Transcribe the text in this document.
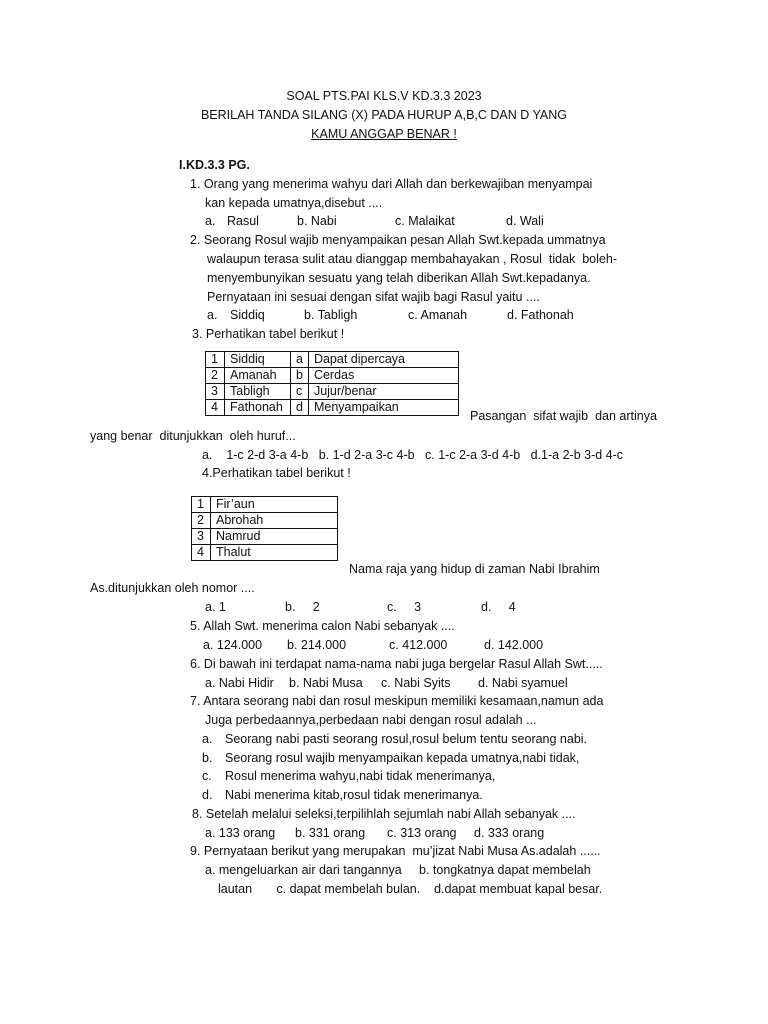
SOAL PTS.PAI KLS.V KD.3.3 2023
BERILAH TANDA SILANG (X) PADA HURUP A,B,C DAN D YANG
KAMU ANGGAP BENAR !
I.KD.3.3 PG.
1. Orang yang menerima wahyu dari Allah dan berkewajiban menyampai
kan kepada umatnya,disebut ....
a. Rasul	b. Nabi	c. Malaikat	d. Wali
2. Seorang Rosul wajib menyampaikan pesan Allah Swt.kepada ummatnya
walaupun terasa sulit atau dianggap membahayakan , Rosul  tidak  boleh-
menyembunyikan sesuatu yang telah diberikan Allah Swt.kepadanya.
Pernyataan ini sesuai dengan sifat wajib bagi Rasul yaitu ....
a. Siddiq	b. Tabligh	c. Amanah	d. Fathonah
3. Perhatikan tabel berikut !
1	Siddiq	a	Dapat dipercaya
2	Amanah	b	Cerdas
3	Tabligh	c	Jujur/benar
4	Fathonah	d	Menyampaikan
Pasangan  sifat wajib  dan artinya
yang benar  ditunjukkan  oleh huruf...
a.    1-c 2-d 3-a 4-b   b. 1-d 2-a 3-c 4-b   c. 1-c 2-a 3-d 4-b   d.1-a 2-b 3-d 4-c
4.Perhatikan tabel berikut !
1	Fir’aun
2	Abrohah
3	Namrud
4	Thalut
Nama raja yang hidup di zaman Nabi Ibrahim
As.ditunjukkan oleh nomor ....
a. 1	b.     2	c.     3	d.     4
5. Allah Swt. menerima calon Nabi sebanyak ....
a. 124.000 b. 214.000	c. 412.000	d. 142.000
6. Di bawah ini terdapat nama-nama nabi juga bergelar Rasul Allah Swt.....
a. Nabi Hidir b. Nabi Musa c. Nabi Syits d. Nabi syamuel
7. Antara seorang nabi dan rosul meskipun memiliki kesamaan,namun ada
Juga perbedaannya,perbedaan nabi dengan rosul adalah ...
a. Seorang nabi pasti seorang rosul,rosul belum tentu seorang nabi.
b. Seorang rosul wajib menyampaikan kepada umatnya,nabi tidak,
c. Rosul menerima wahyu,nabi tidak menerimanya,
d. Nabi menerima kitab,rosul tidak menerimanya.
8. Setelah melalui seleksi,terpilihlah sejumlah nabi Allah sebanyak ....
a. 133 orang b. 331 orang c. 313 orang d. 333 orang
9. Pernyataan berikut yang merupakan  mu’jizat Nabi Musa As.adalah ......
a. mengeluarkan air dari tangannya     b. tongkatnya dapat membelah
lautan       c. dapat membelah bulan.    d.dapat membuat kapal besar.
